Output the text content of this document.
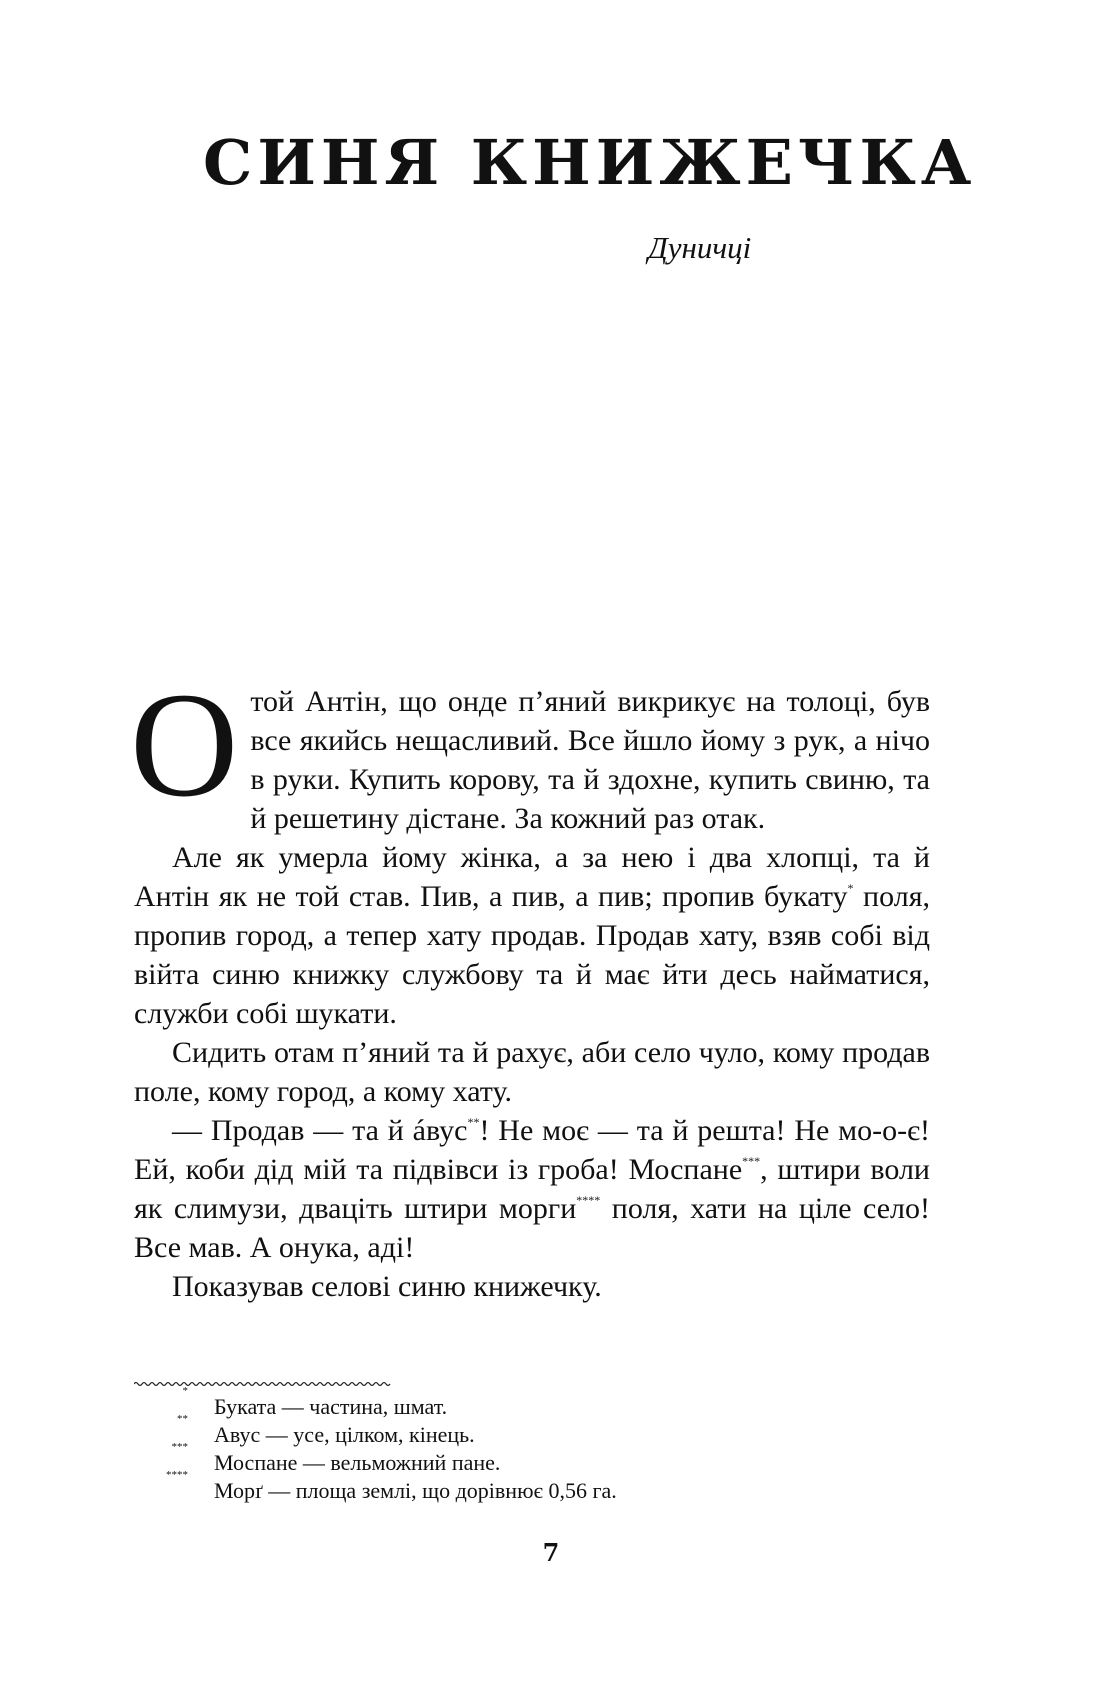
СИНЯ КНИЖЕЧКА
Дуничці

Отой Антін, що онде п’яний викрикує на толоці, був все якийсь нещасливий. Все йшло йому з рук, а нічо в руки. Купить корову, та й здохне, купить свиню, та й решетину дістане. За кожний раз отак.

Але як умерла йому жінка, а за нею і два хлопці, та й Антін як не той став. Пив, а пив, а пив; пропив букату* поля, пропив город, а тепер хату продав. Продав хату, взяв собі від війта синю книжку службову та й має йти десь найматися, служби собі шукати.

Сидить отам п’яний та й рахує, аби село чуло, кому продав поле, кому город, а кому хату.

— Продав — та й áвус**! Не моє — та й решта! Не мо-о-є! Ей, коби дід мій та підвівси із гроба! Моспане***, штири воли як слимузи, дваціть штири морги**** поля, хати на ціле село! Все мав. А онука, аді!

Показував селові синю книжечку.

*
Буката — частина, шмат.
**
Авус — усе, цілком, кінець.
***
Моспане — вельможний пане.
****
Морґ — площа землі, що дорівнює 0,56 га.
7
